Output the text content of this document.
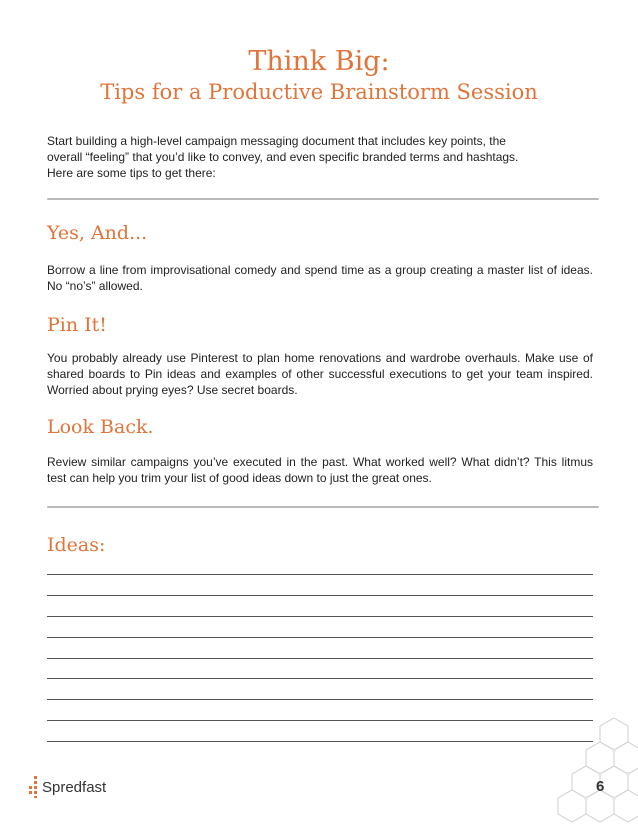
Think Big:
Tips for a Productive Brainstorm Session

Start building a high-level campaign messaging document that includes key points, the
overall “feeling” that you’d like to convey, and even specific branded terms and hashtags.
Here are some tips to get there:

Yes, And...

Borrow a line from improvisational comedy and spend time as a group creating a master list of ideas. No “no’s” allowed.

Pin It!

You probably already use Pinterest to plan home renovations and wardrobe overhauls. Make use of shared boards to Pin ideas and examples of other successful executions to get your team inspired. Worried about prying eyes? Use secret boards.

Look Back.

Review similar campaigns you’ve executed in the past. What worked well? What didn’t? This litmus test can help you trim your list of good ideas down to just the great ones.

Ideas:
Spredfast	6
